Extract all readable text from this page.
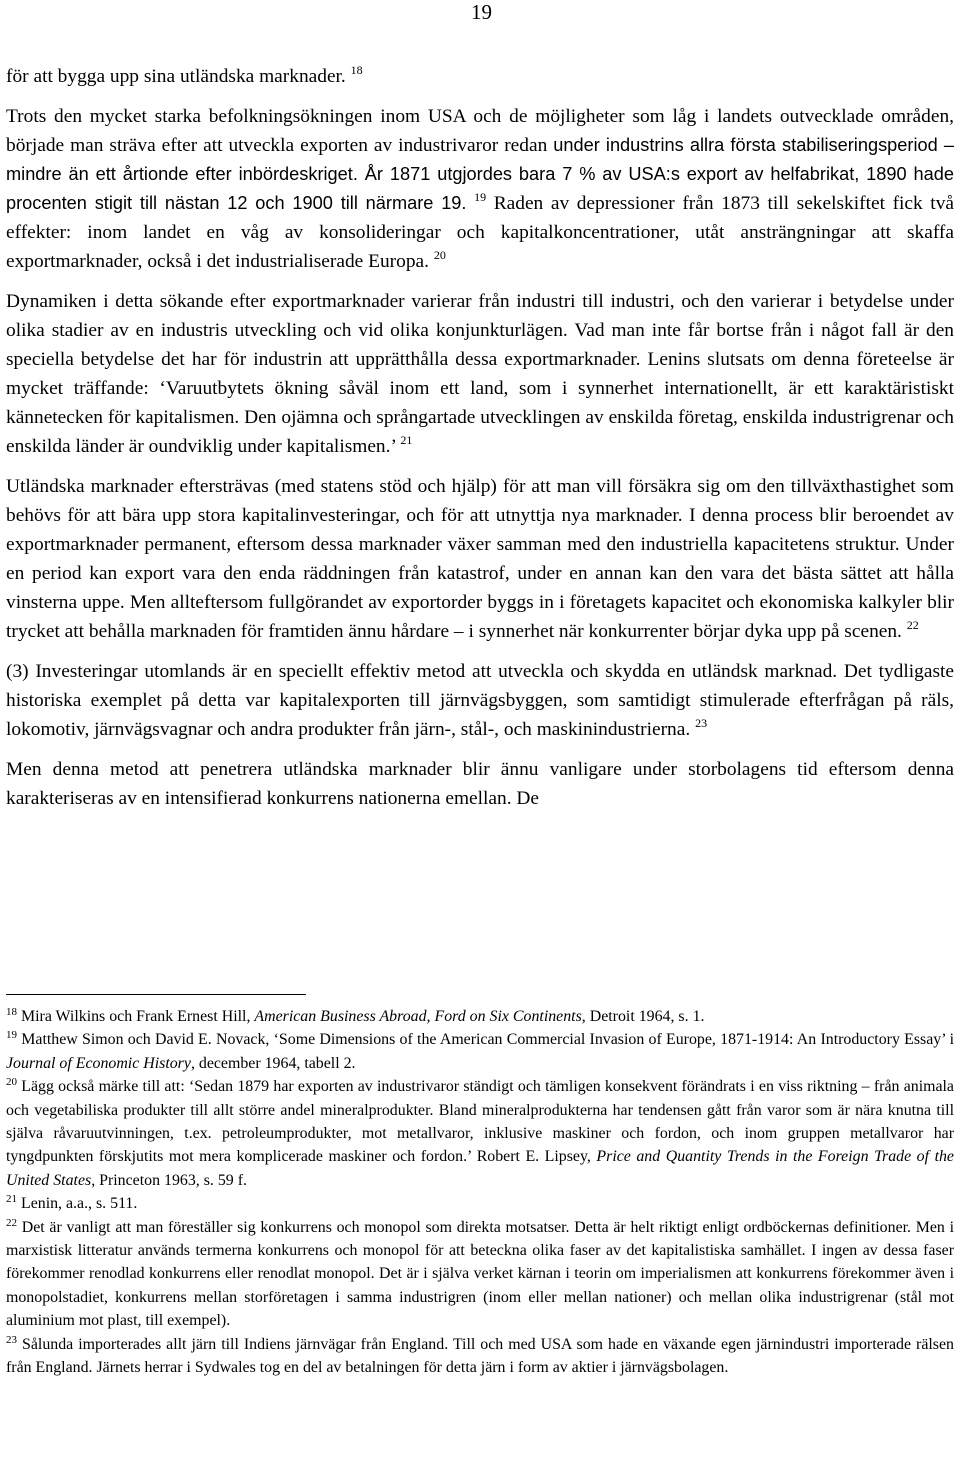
19

för att bygga upp sina utländska marknader. $^{18}$

Trots den mycket starka befolkningsökningen inom USA och de möjligheter som låg i landets outvecklade områden, började man sträva efter att utveckla exporten av industrivaror redan under industrins allra första stabiliseringsperiod – mindre än ett årtionde efter inbördeskriget. År 1871 utgjordes bara 7 % av USA:s export av helfabrikat, 1890 hade procenten stigit till nästan 12 och 1900 till närmare 19. $^{19}$ Raden av depressioner från 1873 till sekelskiftet fick två effekter: inom landet en våg av konsolideringar och kapitalkoncentrationer, utåt ansträngningar att skaffa exportmarknader, också i det industrialiserade Europa. $^{20}$

Dynamiken i detta sökande efter exportmarknader varierar från industri till industri, och den varierar i betydelse under olika stadier av en industris utveckling och vid olika konjunkturlägen. Vad man inte får bortse från i något fall är den speciella betydelse det har för industrin att upprätthålla dessa exportmarknader. Lenins slutsats om denna företeelse är mycket träffande: ‘Varuutbytets ökning såväl inom ett land, som i synnerhet internationellt, är ett karaktäristiskt kännetecken för kapitalismen. Den ojämna och språngartade utvecklingen av enskilda företag, enskilda industrigrenar och enskilda länder är oundviklig under kapitalismen.’ $^{21}$

Utländska marknader eftersträvas (med statens stöd och hjälp) för att man vill försäkra sig om den tillväxthastighet som behövs för att bära upp stora kapitalinvesteringar, och för att utnyttja nya marknader. I denna process blir beroendet av exportmarknader permanent, eftersom dessa marknader växer samman med den industriella kapacitetens struktur. Under en period kan export vara den enda räddningen från katastrof, under en annan kan den vara det bästa sättet att hålla vinsterna uppe. Men allteftersom fullgörandet av exportorder byggs in i företagets kapacitet och ekonomiska kalkyler blir trycket att behålla marknaden för framtiden ännu hårdare – i synnerhet när konkurrenter börjar dyka upp på scenen. $^{22}$

(3) Investeringar utomlands är en speciellt effektiv metod att utveckla och skydda en utländsk marknad. Det tydligaste historiska exemplet på detta var kapitalexporten till järnvägsbyggen, som samtidigt stimulerade efterfrågan på räls, lokomotiv, järnvägsvagnar och andra produkter från järn-, stål-, och maskinindustrierna. $^{23}$

Men denna metod att penetrera utländska marknader blir ännu vanligare under storbolagens tid eftersom denna karakteriseras av en intensifierad konkurrens nationerna emellan. De

$^{18}$ Mira Wilkins och Frank Ernest Hill, American Business Abroad, Ford on Six Continents, Detroit 1964, s. 1.

$^{19}$ Matthew Simon och David E. Novack, ‘Some Dimensions of the American Commercial Invasion of Europe, 1871-1914: An Introductory Essay’ i Journal of Economic History, december 1964, tabell 2.

$^{20}$ Lägg också märke till att: ‘Sedan 1879 har exporten av industrivaror ständigt och tämligen konsekvent förändrats i en viss riktning – från animala och vegetabiliska produkter till allt större andel mineralprodukter. Bland mineralprodukterna har tendensen gått från varor som är nära knutna till själva råvaruutvinningen, t.ex. petroleumprodukter, mot metallvaror, inklusive maskiner och fordon, och inom gruppen metallvaror har tyngdpunkten förskjutits mot mera komplicerade maskiner och fordon.’ Robert E. Lipsey, Price and Quantity Trends in the Foreign Trade of the United States, Princeton 1963, s. 59 f.

$^{21}$ Lenin, a.a., s. 511.

$^{22}$ Det är vanligt att man föreställer sig konkurrens och monopol som direkta motsatser. Detta är helt riktigt enligt ordböckernas definitioner. Men i marxistisk litteratur används termerna konkurrens och monopol för att beteckna olika faser av det kapitalistiska samhället. I ingen av dessa faser förekommer renodlad konkurrens eller renodlat monopol. Det är i själva verket kärnan i teorin om imperialismen att konkurrens förekommer även i monopolstadiet, konkurrens mellan storföretagen i samma industrigren (inom eller mellan nationer) och mellan olika industrigrenar (stål mot aluminium mot plast, till exempel).

$^{23}$ Sålunda importerades allt järn till Indiens järnvägar från England. Till och med USA som hade en växande egen järnindustri importerade rälsen från England. Järnets herrar i Sydwales tog en del av betalningen för detta järn i form av aktier i järnvägsbolagen.
